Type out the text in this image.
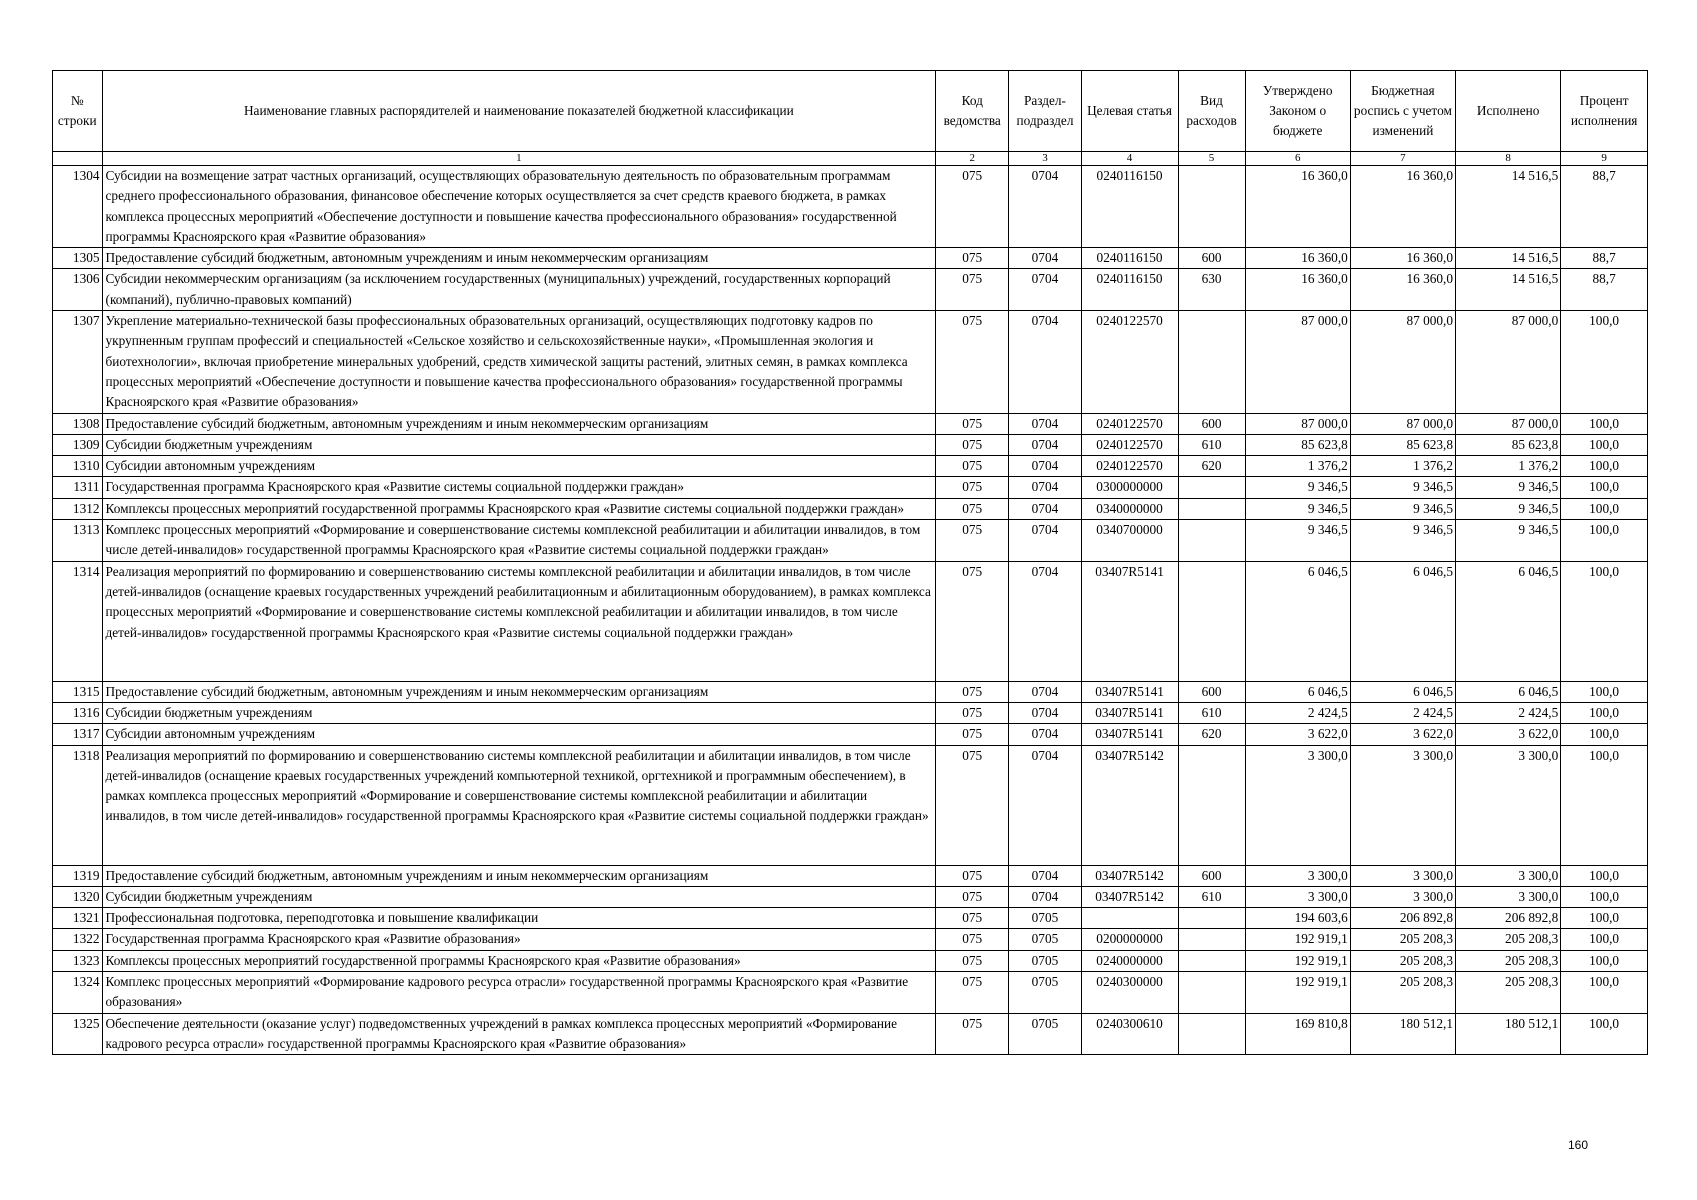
№ строки	Наименование главных распорядителей и наименование показателей бюджетной классификации	Код ведомства	Раздел-подраздел	Целевая статья	Вид расходов	Утверждено Законом о бюджете	Бюджетная роспись с учетом изменений	Исполнено	Процент исполнения
	1	2	3	4	5	6	7	8	9
1304	Субсидии на возмещение затрат частных организаций, осуществляющих образовательную деятельность по образовательным программам среднего профессионального образования, финансовое обеспечение которых осуществляется за счет средств краевого бюджета, в рамках комплекса процессных мероприятий «Обеспечение доступности и повышение качества профессионального образования» государственной программы Красноярского края «Развитие образования»	075	0704	0240116150		16 360,0	16 360,0	14 516,5	88,7
1305	Предоставление субсидий бюджетным, автономным учреждениям и иным некоммерческим организациям	075	0704	0240116150	600	16 360,0	16 360,0	14 516,5	88,7
1306	Субсидии некоммерческим организациям (за исключением государственных (муниципальных) учреждений, государственных корпораций (компаний), публично-правовых компаний)	075	0704	0240116150	630	16 360,0	16 360,0	14 516,5	88,7
1307	Укрепление материально-технической базы профессиональных образовательных организаций, осуществляющих подготовку кадров по укрупненным группам профессий и специальностей «Сельское хозяйство и сельскохозяйственные науки», «Промышленная экология и биотехнологии», включая приобретение минеральных удобрений, средств химической защиты растений, элитных семян, в рамках комплекса процессных мероприятий «Обеспечение доступности и повышение качества профессионального образования» государственной программы Красноярского края «Развитие образования»	075	0704	0240122570		87 000,0	87 000,0	87 000,0	100,0
1308	Предоставление субсидий бюджетным, автономным учреждениям и иным некоммерческим организациям	075	0704	0240122570	600	87 000,0	87 000,0	87 000,0	100,0
1309	Субсидии бюджетным учреждениям	075	0704	0240122570	610	85 623,8	85 623,8	85 623,8	100,0
1310	Субсидии автономным учреждениям	075	0704	0240122570	620	1 376,2	1 376,2	1 376,2	100,0
1311	Государственная программа Красноярского края «Развитие системы социальной поддержки граждан»	075	0704	0300000000		9 346,5	9 346,5	9 346,5	100,0
1312	Комплексы процессных мероприятий государственной программы Красноярского края «Развитие системы социальной поддержки граждан»	075	0704	0340000000		9 346,5	9 346,5	9 346,5	100,0
1313	Комплекс процессных мероприятий «Формирование и совершенствование системы комплексной реабилитации и абилитации инвалидов, в том числе детей-инвалидов» государственной программы Красноярского края «Развитие системы социальной поддержки граждан»	075	0704	0340700000		9 346,5	9 346,5	9 346,5	100,0
1314	Реализация мероприятий по формированию и совершенствованию системы комплексной реабилитации и абилитации инвалидов, в том числе детей-инвалидов (оснащение краевых государственных учреждений реабилитационным и абилитационным оборудованием), в рамках комплекса процессных мероприятий «Формирование и совершенствование системы комплексной реабилитации и абилитации инвалидов, в том числе детей-инвалидов» государственной программы Красноярского края «Развитие системы социальной поддержки граждан»	075	0704	03407R5141		6 046,5	6 046,5	6 046,5	100,0
1315	Предоставление субсидий бюджетным, автономным учреждениям и иным некоммерческим организациям	075	0704	03407R5141	600	6 046,5	6 046,5	6 046,5	100,0
1316	Субсидии бюджетным учреждениям	075	0704	03407R5141	610	2 424,5	2 424,5	2 424,5	100,0
1317	Субсидии автономным учреждениям	075	0704	03407R5141	620	3 622,0	3 622,0	3 622,0	100,0
1318	Реализация мероприятий по формированию и совершенствованию системы комплексной реабилитации и абилитации инвалидов, в том числе детей-инвалидов (оснащение краевых государственных учреждений компьютерной техникой, оргтехникой и программным обеспечением), в рамках комплекса процессных мероприятий «Формирование и совершенствование системы комплексной реабилитации и абилитации инвалидов, в том числе детей-инвалидов» государственной программы Красноярского края «Развитие системы социальной поддержки граждан»	075	0704	03407R5142		3 300,0	3 300,0	3 300,0	100,0
1319	Предоставление субсидий бюджетным, автономным учреждениям и иным некоммерческим организациям	075	0704	03407R5142	600	3 300,0	3 300,0	3 300,0	100,0
1320	Субсидии бюджетным учреждениям	075	0704	03407R5142	610	3 300,0	3 300,0	3 300,0	100,0
1321	Профессиональная подготовка, переподготовка и повышение квалификации	075	0705			194 603,6	206 892,8	206 892,8	100,0
1322	Государственная программа Красноярского края «Развитие образования»	075	0705	0200000000		192 919,1	205 208,3	205 208,3	100,0
1323	Комплексы процессных мероприятий государственной программы Красноярского края «Развитие образования»	075	0705	0240000000		192 919,1	205 208,3	205 208,3	100,0
1324	Комплекс процессных мероприятий «Формирование кадрового ресурса отрасли» государственной программы Красноярского края «Развитие образования»	075	0705	0240300000		192 919,1	205 208,3	205 208,3	100,0
1325	Обеспечение деятельности (оказание услуг) подведомственных учреждений в рамках комплекса процессных мероприятий «Формирование кадрового ресурса отрасли» государственной программы Красноярского края «Развитие образования»	075	0705	0240300610		169 810,8	180 512,1	180 512,1	100,0
160
